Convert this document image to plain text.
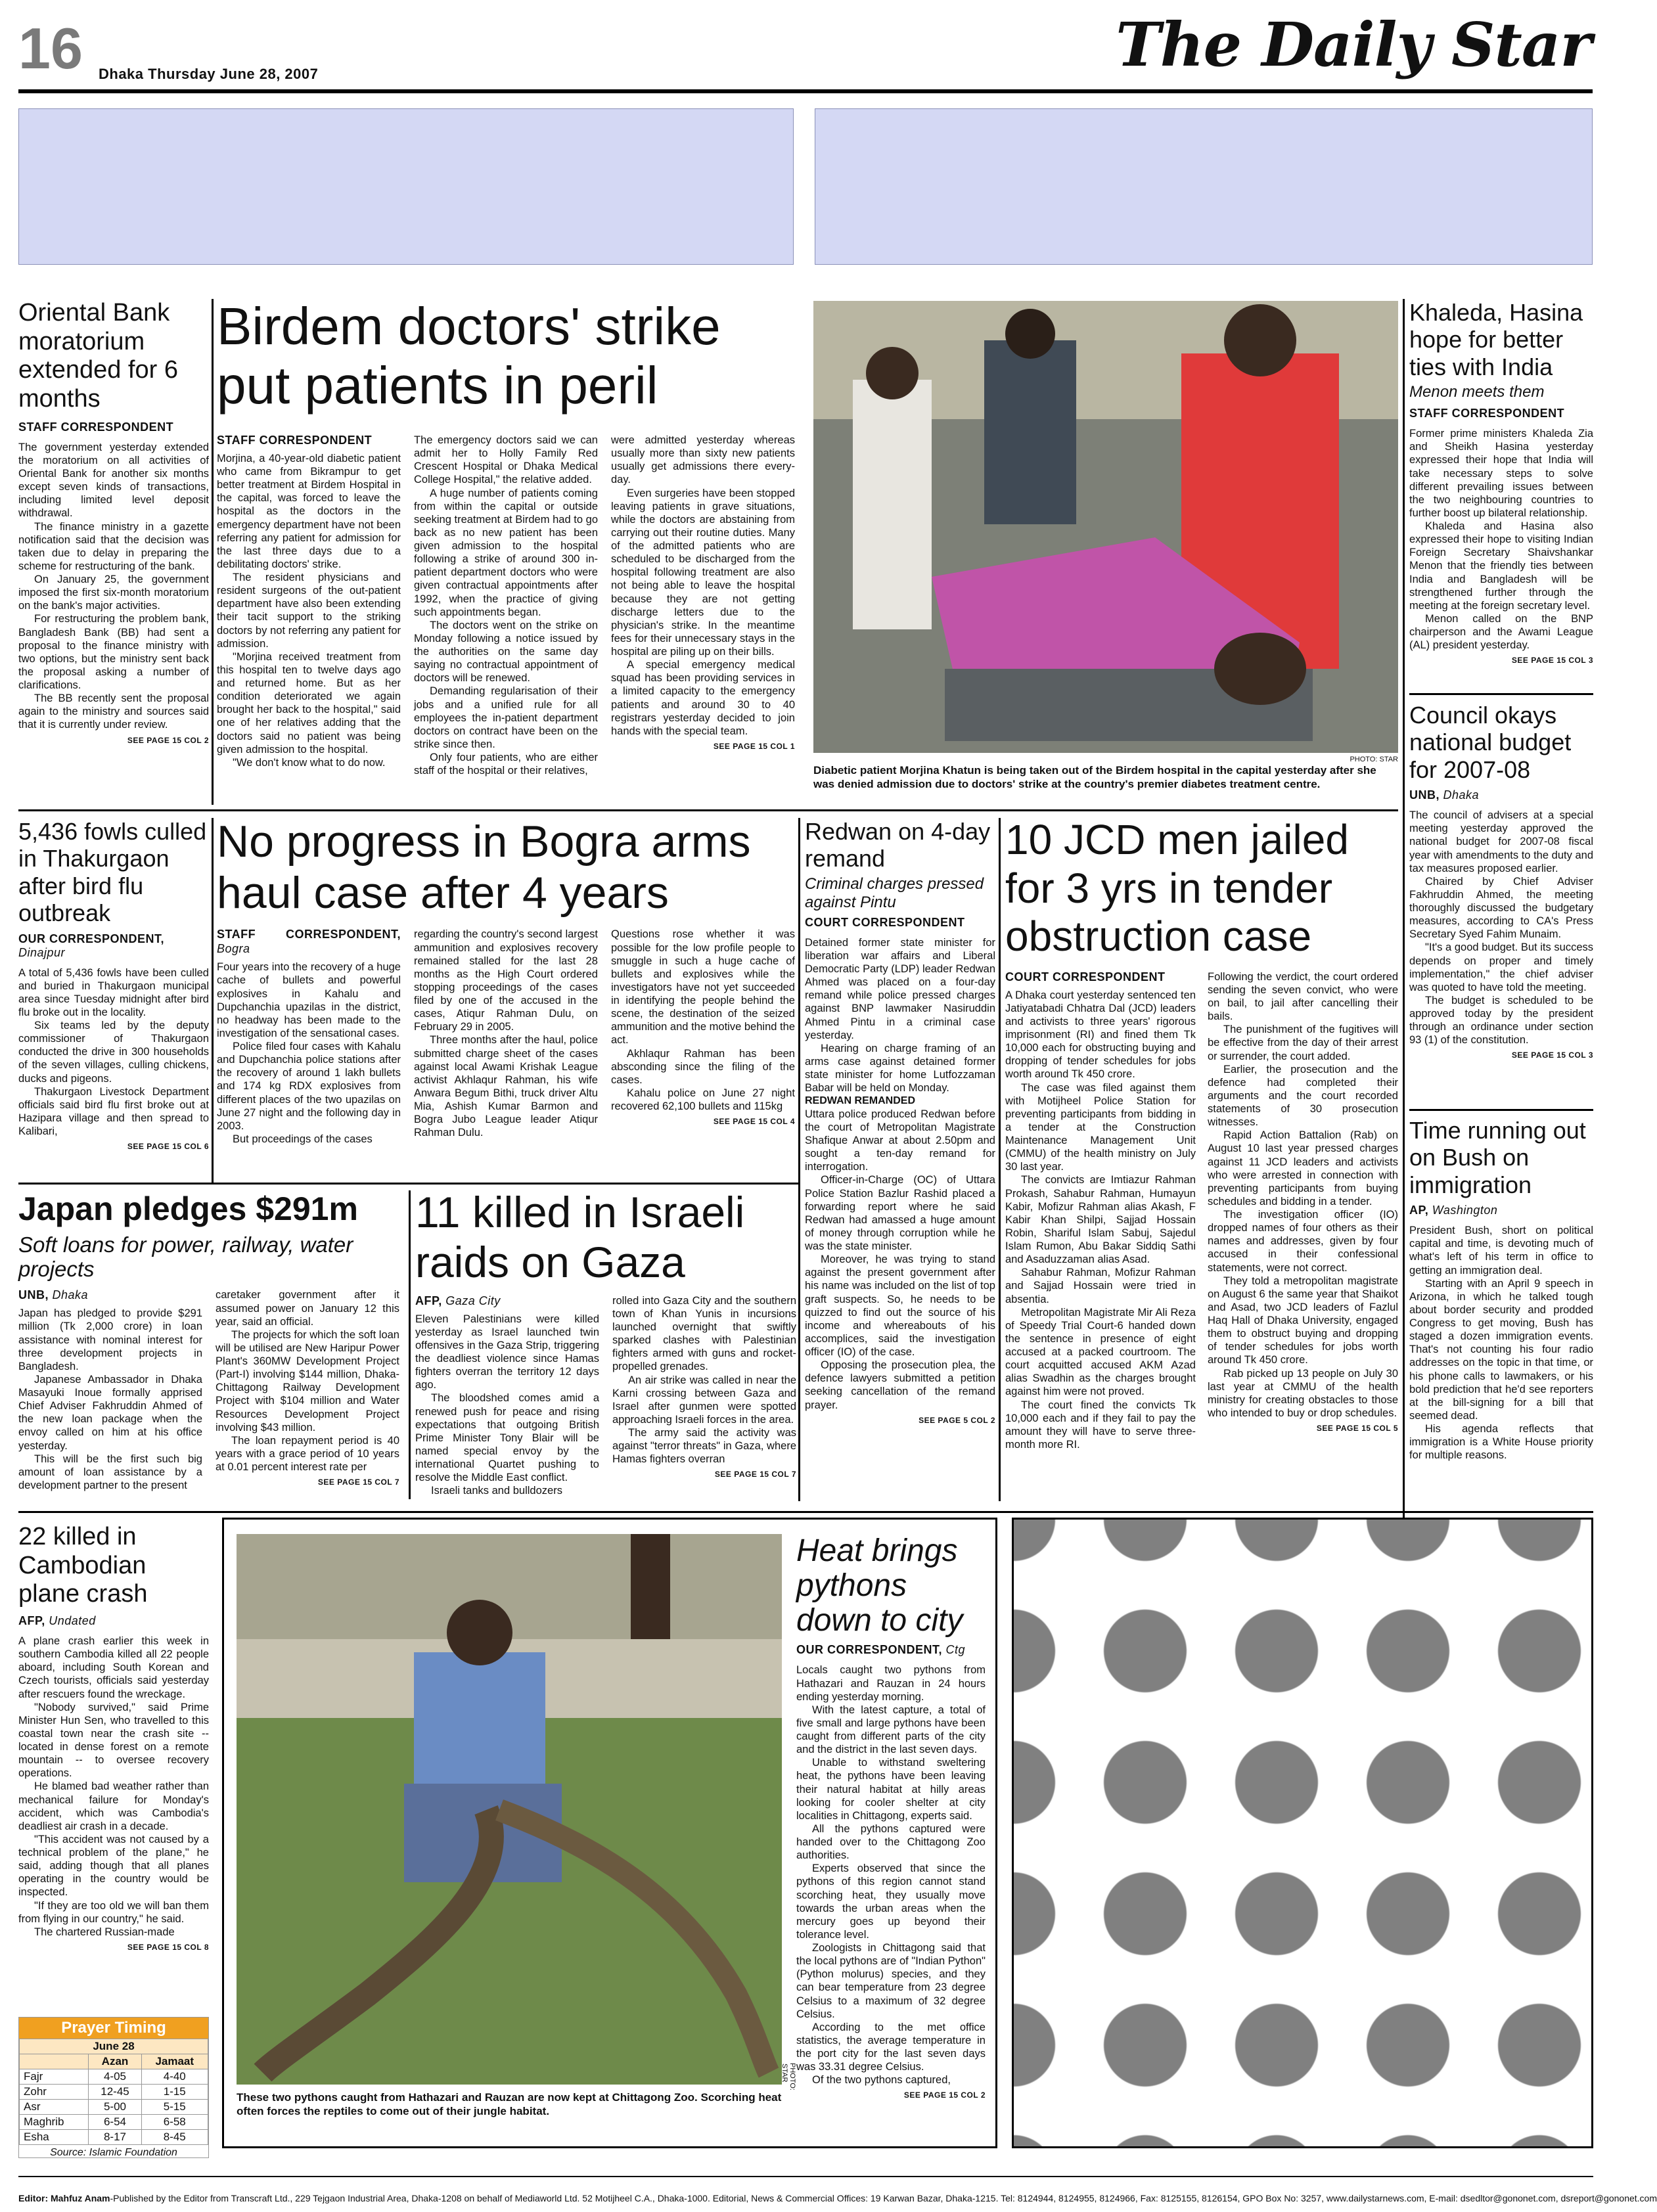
16 Dhaka Thursday June 28, 2007	The Daily Star
Oriental Bank moratorium extended for 6 months
STAFF CORRESPONDENT

The government yesterday extended the moratorium on all activities of Oriental Bank for another six months except seven kinds of transactions, including limited level deposit withdrawal.

The finance ministry in a gazette notification said that the decision was taken due to delay in preparing the scheme for restructuring of the bank.

On January 25, the government imposed the first six-month moratorium on the bank's major activities.

For restructuring the problem bank, Bangladesh Bank (BB) had sent a proposal to the finance ministry with two options, but the ministry sent back the proposal asking a number of clarifications.

The BB recently sent the proposal again to the ministry and sources said that it is currently under review.

SEE PAGE 15 COL 2
Birdem doctors' strike put patients in peril
STAFF CORRESPONDENT

Morjina, a 40-year-old diabetic patient who came from Bikrampur to get better treatment at Birdem Hospital in the capital, was forced to leave the hospital as the doctors in the emergency department have not been referring any patient for admission for the last three days due to a debilitating doctors' strike.

The resident physicians and resident surgeons of the out-patient department have also been extending their tacit support to the striking doctors by not referring any patient for admission.

"Morjina received treatment from this hospital ten to twelve days ago and returned home. But as her condition deteriorated we again brought her back to the hospital," said one of her relatives adding that the doctors said no patient was being given admission to the hospital.

"We don't know what to do now.

The emergency doctors said we can admit her to Holly Family Red Crescent Hospital or Dhaka Medical College Hospital," the relative added.

A huge number of patients coming from within the capital or outside seeking treatment at Birdem had to go back as no new patient has been given admission to the hospital following a strike of around 300 in-patient department doctors who were given contractual appointments after 1992, when the practice of giving such appointments began.

The doctors went on the strike on Monday following a notice issued by the authorities on the same day saying no contractual appointment of doctors will be renewed.

Demanding regularisation of their jobs and a unified rule for all employees the in-patient department doctors on contract have been on the strike since then.

Only four patients, who are either staff of the hospital or their relatives,

were admitted yesterday whereas usually more than sixty new patients usually get admissions there every-day.

Even surgeries have been stopped leaving patients in grave situations, while the doctors are abstaining from carrying out their routine duties. Many of the admitted patients who are scheduled to be discharged from the hospital following treatment are also not being able to leave the hospital because they are not getting discharge letters due to the physician's strike. In the meantime fees for their unnecessary stays in the hospital are piling up on their bills.

A special emergency medical squad has been providing services in a limited capacity to the emergency patients and around 30 to 40 registrars yesterday decided to join hands with the special team.

SEE PAGE 15 COL 1
PHOTO: STAR
Diabetic patient Morjina Khatun is being taken out of the Birdem hospital in the capital yesterday after she was denied admission due to doctors' strike at the country's premier diabetes treatment centre.
Khaleda, Hasina hope for better ties with India
Menon meets them
STAFF CORRESPONDENT

Former prime ministers Khaleda Zia and Sheikh Hasina yesterday expressed their hope that India will take necessary steps to solve different prevailing issues between the two neighbouring countries to further boost up bilateral relationship.

Khaleda and Hasina also expressed their hope to visiting Indian Foreign Secretary Shaivshankar Menon that the friendly ties between India and Bangladesh will be strengthened further through the meeting at the foreign secretary level.

Menon called on the BNP chairperson and the Awami League (AL) president yesterday.

SEE PAGE 15 COL 3
Council okays national budget for 2007-08
UNB, Dhaka

The council of advisers at a special meeting yesterday approved the national budget for 2007-08 fiscal year with amendments to the duty and tax measures proposed earlier.

Chaired by Chief Adviser Fakhruddin Ahmed, the meeting thoroughly discussed the budgetary measures, according to CA's Press Secretary Syed Fahim Munaim.

"It's a good budget. But its success depends on proper and timely implementation," the chief adviser was quoted to have told the meeting.

The budget is scheduled to be approved today by the president through an ordinance under section 93 (1) of the constitution.

SEE PAGE 15 COL 3
Time running out on Bush on immigration
AP, Washington

President Bush, short on political capital and time, is devoting much of what's left of his term in office to getting an immigration deal.

Starting with an April 9 speech in Arizona, in which he talked tough about border security and prodded Congress to get moving, Bush has staged a dozen immigration events. That's not counting his four radio addresses on the topic in that time, or his phone calls to lawmakers, or his bold prediction that he'd see reporters at the bill-signing for a bill that seemed dead.

His agenda reflects that immigration is a White House priority for multiple reasons.

5,436 fowls culled in Thakurgaon after bird flu outbreak
OUR CORRESPONDENT, Dinajpur

A total of 5,436 fowls have been culled and buried in Thakurgaon municipal area since Tuesday midnight after bird flu broke out in the locality.

Six teams led by the deputy commissioner of Thakurgaon conducted the drive in 300 households of the seven villages, culling chickens, ducks and pigeons.

Thakurgaon Livestock Department officials said bird flu first broke out at Hazipara village and then spread to Kalibari,

SEE PAGE 15 COL 6
No progress in Bogra arms haul case after 4 years
STAFF CORRESPONDENT, Bogra

Four years into the recovery of a huge cache of bullets and powerful explosives in Kahalu and Dupchanchia upazilas in the district, no headway has been made to the investigation of the sensational cases.

Police filed four cases with Kahalu and Dupchanchia police stations after the recovery of around 1 lakh bullets and 174 kg RDX explosives from different places of the two upazilas on June 27 night and the following day in 2003.

But proceedings of the cases

regarding the country's second largest ammunition and explosives recovery remained stalled for the last 28 months as the High Court ordered stopping proceedings of the cases filed by one of the accused in the cases, Atiqur Rahman Dulu, on February 29 in 2005.

Three months after the haul, police submitted charge sheet of the cases against local Awami Krishak League activist Akhlaqur Rahman, his wife Anwara Begum Bithi, truck driver Altu Mia, Ashish Kumar Barmon and Bogra Jubo League leader Atiqur Rahman Dulu.

Questions rose whether it was possible for the low profile people to smuggle in such a huge cache of bullets and explosives while the investigators have not yet succeeded in identifying the people behind the scene, the destination of the seized ammunition and the motive behind the act.

Akhlaqur Rahman has been absconding since the filing of the cases.

Kahalu police on June 27 night recovered 62,100 bullets and 115kg

SEE PAGE 15 COL 4
Redwan on 4-day remand
Criminal charges pressed against Pintu
COURT CORRESPONDENT

Detained former state minister for liberation war affairs and Liberal Democratic Party (LDP) leader Redwan Ahmed was placed on a four-day remand while police pressed charges against BNP lawmaker Nasiruddin Ahmed Pintu in a criminal case yesterday.

Hearing on charge framing of an arms case against detained former state minister for home Lutfozzaman Babar will be held on Monday.

REDWAN REMANDED

Uttara police produced Redwan before the court of Metropolitan Magistrate Shafique Anwar at about 2.50pm and sought a ten-day remand for interrogation.

Officer-in-Charge (OC) of Uttara Police Station Bazlur Rashid placed a forwarding report where he said Redwan had amassed a huge amount of money through corruption while he was the state minister.

Moreover, he was trying to stand against the present government after his name was included on the list of top graft suspects. So, he needs to be quizzed to find out the source of his income and whereabouts of his accomplices, said the investigation officer (IO) of the case.

Opposing the prosecution plea, the defence lawyers submitted a petition seeking cancellation of the remand prayer.

SEE PAGE 5 COL 2
10 JCD men jailed for 3 yrs in tender obstruction case
COURT CORRESPONDENT

A Dhaka court yesterday sentenced ten Jatiyatabadi Chhatra Dal (JCD) leaders and activists to three years' rigorous imprisonment (RI) and fined them Tk 10,000 each for obstructing buying and dropping of tender schedules for jobs worth around Tk 450 crore.

The case was filed against them with Motijheel Police Station for preventing participants from bidding in a tender at the Construction Maintenance Management Unit (CMMU) of the health ministry on July 30 last year.

The convicts are Imtiazur Rahman Prokash, Sahabur Rahman, Humayun Kabir, Mofizur Rahman alias Akash, F Kabir Khan Shilpi, Sajjad Hossain Robin, Shariful Islam Sabuj, Sajedul Islam Rumon, Abu Bakar Siddiq Sathi and Asaduzzaman alias Asad.

Sahabur Rahman, Mofizur Rahman and Sajjad Hossain were tried in absentia.

Metropolitan Magistrate Mir Ali Reza of Speedy Trial Court-6 handed down the sentence in presence of eight accused at a packed courtroom. The court acquitted accused AKM Azad alias Swadhin as the charges brought against him were not proved.

The court fined the convicts Tk 10,000 each and if they fail to pay the amount they will have to serve three-month more RI.

Following the verdict, the court ordered sending the seven convict, who were on bail, to jail after cancelling their bails.

The punishment of the fugitives will be effective from the day of their arrest or surrender, the court added.

Earlier, the prosecution and the defence had completed their arguments and the court recorded statements of 30 prosecution witnesses.

Rapid Action Battalion (Rab) on August 10 last year pressed charges against 11 JCD leaders and activists who were arrested in connection with preventing participants from buying schedules and bidding in a tender.

The investigation officer (IO) dropped names of four others as their names and addresses, given by four accused in their confessional statements, were not correct.

They told a metropolitan magistrate on August 6 the same year that Shaikot and Asad, two JCD leaders of Fazlul Haq Hall of Dhaka University, engaged them to obstruct buying and dropping of tender schedules for jobs worth around Tk 450 crore.

Rab picked up 13 people on July 30 last year at CMMU of the health ministry for creating obstacles to those who intended to buy or drop schedules.

SEE PAGE 15 COL 5
Japan pledges $291m
Soft loans for power, railway, water projects
UNB, Dhaka

Japan has pledged to provide $291 million (Tk 2,000 crore) in loan assistance with nominal interest for three development projects in Bangladesh.

Japanese Ambassador in Dhaka Masayuki Inoue formally apprised Chief Adviser Fakhruddin Ahmed of the new loan package when the envoy called on him at his office yesterday.

This will be the first such big amount of loan assistance by a development partner to the present

caretaker government after it assumed power on January 12 this year, said an official.

The projects for which the soft loan will be utilised are New Haripur Power Plant's 360MW Development Project (Part-I) involving $144 million, Dhaka-Chittagong Railway Development Project with $104 million and Water Resources Development Project involving $43 million.

The loan repayment period is 40 years with a grace period of 10 years at 0.01 percent interest rate per

SEE PAGE 15 COL 7
11 killed in Israeli raids on Gaza
AFP, Gaza City

Eleven Palestinians were killed yesterday as Israel launched twin offensives in the Gaza Strip, triggering the deadliest violence since Hamas fighters overran the territory 12 days ago.

The bloodshed comes amid a renewed push for peace and rising expectations that outgoing British Prime Minister Tony Blair will be named special envoy by the international Quartet pushing to resolve the Middle East conflict.

Israeli tanks and bulldozers

rolled into Gaza City and the southern town of Khan Yunis in incursions launched overnight that swiftly sparked clashes with Palestinian fighters armed with guns and rocket-propelled grenades.

An air strike was called in near the Karni crossing between Gaza and Israel after gunmen were spotted approaching Israeli forces in the area.

The army said the activity was against "terror threats" in Gaza, where Hamas fighters overran

SEE PAGE 15 COL 7
22 killed in Cambodian plane crash
AFP, Undated

A plane crash earlier this week in southern Cambodia killed all 22 people aboard, including South Korean and Czech tourists, officials said yesterday after rescuers found the wreckage.

"Nobody survived," said Prime Minister Hun Sen, who travelled to this coastal town near the crash site -- located in dense forest on a remote mountain -- to oversee recovery operations.

He blamed bad weather rather than mechanical failure for Monday's accident, which was Cambodia's deadliest air crash in a decade.

"This accident was not caused by a technical problem of the plane," he said, adding though that all planes operating in the country would be inspected.

"If they are too old we will ban them from flying in our country," he said.

The chartered Russian-made

SEE PAGE 15 COL 8
Prayer Timing
June 28		
	Azan	Jamaat
Fajr	4-05	4-40
Zohr	12-45	1-15
Asr	5-00	5-15
Maghrib	6-54	6-58
Esha	8-17	8-45
Source: Islamic Foundation
PHOTO: STAR
These two pythons caught from Hathazari and Rauzan are now kept at Chittagong Zoo. Scorching heat often forces the reptiles to come out of their jungle habitat.
Heat brings pythons down to city
OUR CORRESPONDENT, Ctg

Locals caught two pythons from Hathazari and Rauzan in 24 hours ending yesterday morning.

With the latest capture, a total of five small and large pythons have been caught from different parts of the city and the district in the last seven days.

Unable to withstand sweltering heat, the pythons have been leaving their natural habitat at hilly areas looking for cooler shelter at city localities in Chittagong, experts said.

All the pythons captured were handed over to the Chittagong Zoo authorities.

Experts observed that since the pythons of this region cannot stand scorching heat, they usually move towards the urban areas when the mercury goes up beyond their tolerance level.

Zoologists in Chittagong said that the local pythons are of "Indian Python" (Python molurus) species, and they can bear temperature from 23 degree Celsius to a maximum of 32 degree Celsius.

According to the met office statistics, the average temperature in the port city for the last seven days was 33.31 degree Celsius.

Of the two pythons captured,

SEE PAGE 15 COL 2
Editor: Mahfuz Anam-Published by the Editor from Transcraft Ltd., 229 Tejgaon Industrial Area, Dhaka-1208 on behalf of Mediaworld Ltd. 52 Motijheel C.A., Dhaka-1000. Editorial, News & Commercial Offices: 19 Karwan Bazar, Dhaka-1215. Tel: 8124944, 8124955, 8124966, Fax: 8125155, 8126154, GPO Box No: 3257, www.dailystarnews.com, E-mail: dsedltor@gononet.com, dsreport@gononet.com
